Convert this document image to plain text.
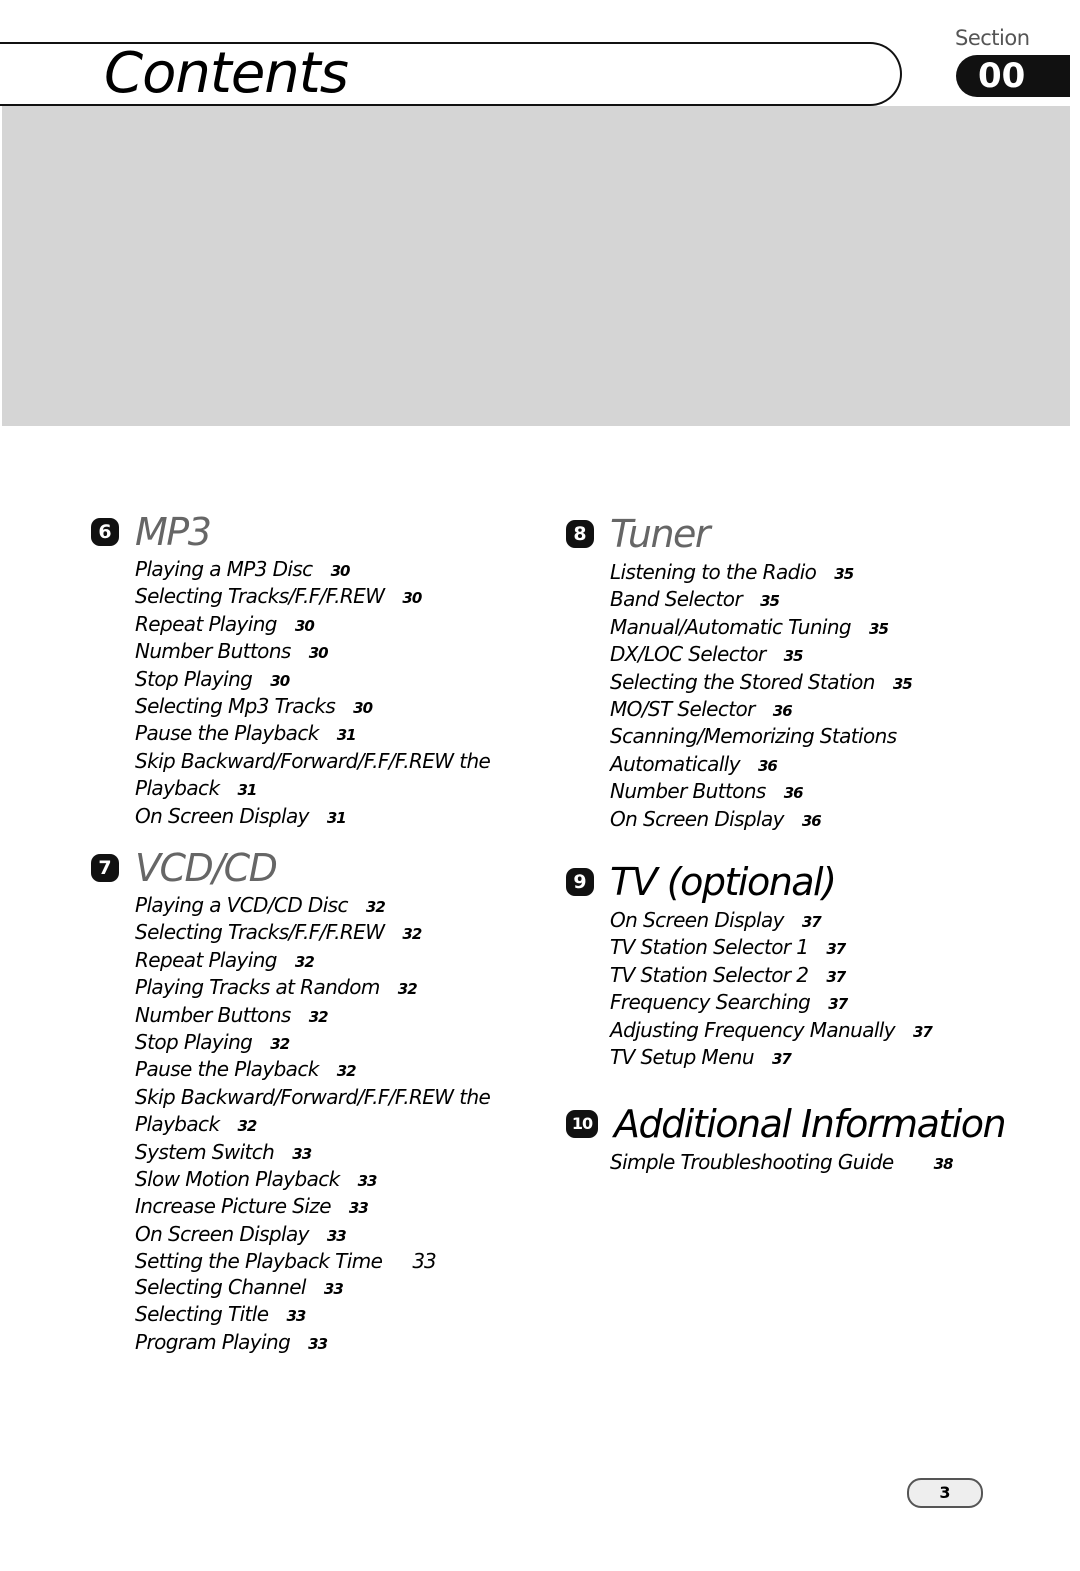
Contents
Section
00
6 MP3
Playing a MP3 Disc 30
Selecting Tracks/F.F/F.REW 30
Repeat Playing 30
Number Buttons 30
Stop Playing 30
Selecting Mp3 Tracks 30
Pause the Playback 31
Skip Backward/Forward/F.F/F.REW the
Playback 31
On Screen Display 31
7 VCD/CD
Playing a VCD/CD Disc 32
Selecting Tracks/F.F/F.REW 32
Repeat Playing 32
Playing Tracks at Random 32
Number Buttons 32
Stop Playing 32
Pause the Playback 32
Skip Backward/Forward/F.F/F.REW the
Playback 32
System Switch 33
Slow Motion Playback 33
Increase Picture Size 33
On Screen Display 33
Setting the Playback Time 33
Selecting Channel 33
Selecting Title 33
Program Playing 33
8 Tuner
Listening to the Radio 35
Band Selector 35
Manual/Automatic Tuning 35
DX/LOC Selector 35
Selecting the Stored Station 35
MO/ST Selector 36
Scanning/Memorizing Stations
Automatically 36
Number Buttons 36
On Screen Display 36
9 TV (optional)
On Screen Display 37
TV Station Selector 1 37
TV Station Selector 2 37
Frequency Searching 37
Adjusting Frequency Manually 37
TV Setup Menu 37
10 Additional Information
Simple Troubleshooting Guide	38
3
